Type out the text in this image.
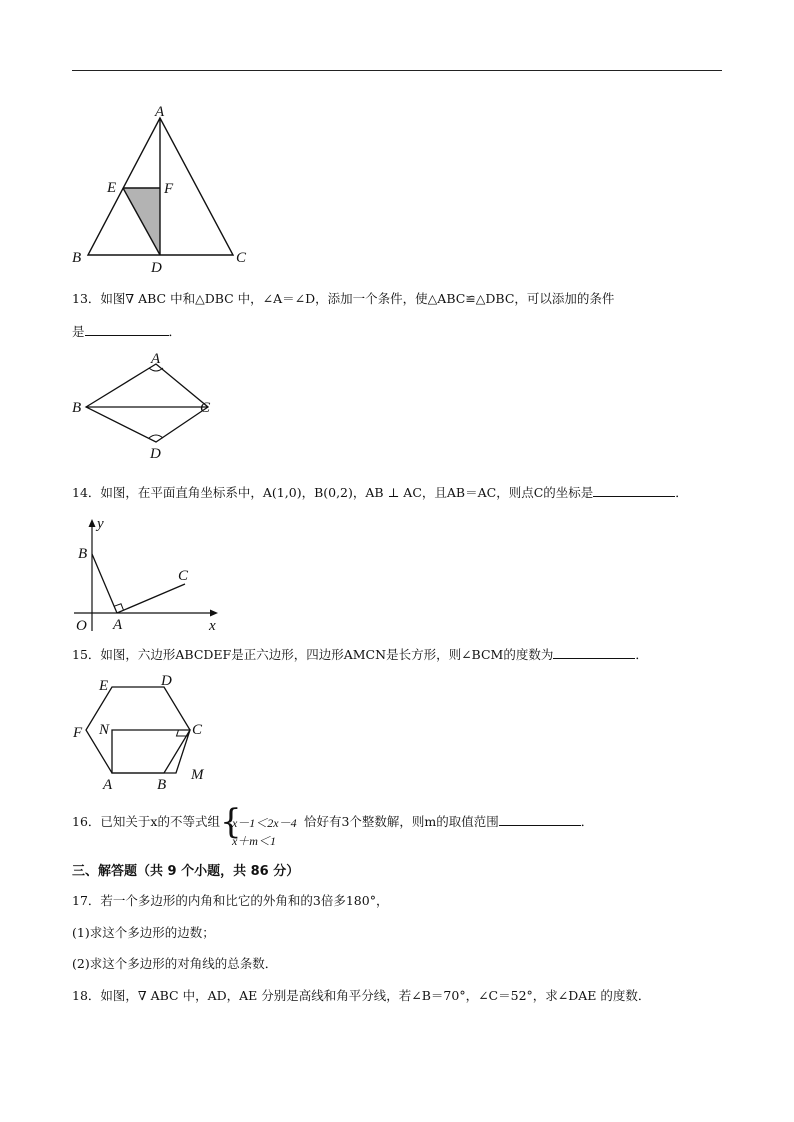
A
E	F
B
D
C
13．如图∇ ABC 中和△DBC 中，∠A＝∠D，添加一个条件，使△ABC≌△DBC，可以添加的条件
是	．
A
B	C
D
14．如图，在平面直角坐标系中，A(1,0)，B(0,2)，AB ⊥ AC，且AB＝AC，则点C的坐标是	．
y
B
C
O A	x
15．如图，六边形ABCDEF是正六边形，四边形AMCN是长方形，则∠BCM的度数为	．
E	D
F N	C
M
A	B
16．已知关于x的不等式组 {
x－1＜2x－4
x＋m＜1
恰好有3个整数解，则m的取值范围	．
三、解答题（共 9 个小题，共 86 分）
17．若一个多边形的内角和比它的外角和的3倍多180°，
(1)求这个多边形的边数；
(2)求这个多边形的对角线的总条数．
18．如图，∇ ABC 中，AD，AE 分别是高线和角平分线，若∠B＝70°，∠C＝52°，求∠DAE 的度数．
